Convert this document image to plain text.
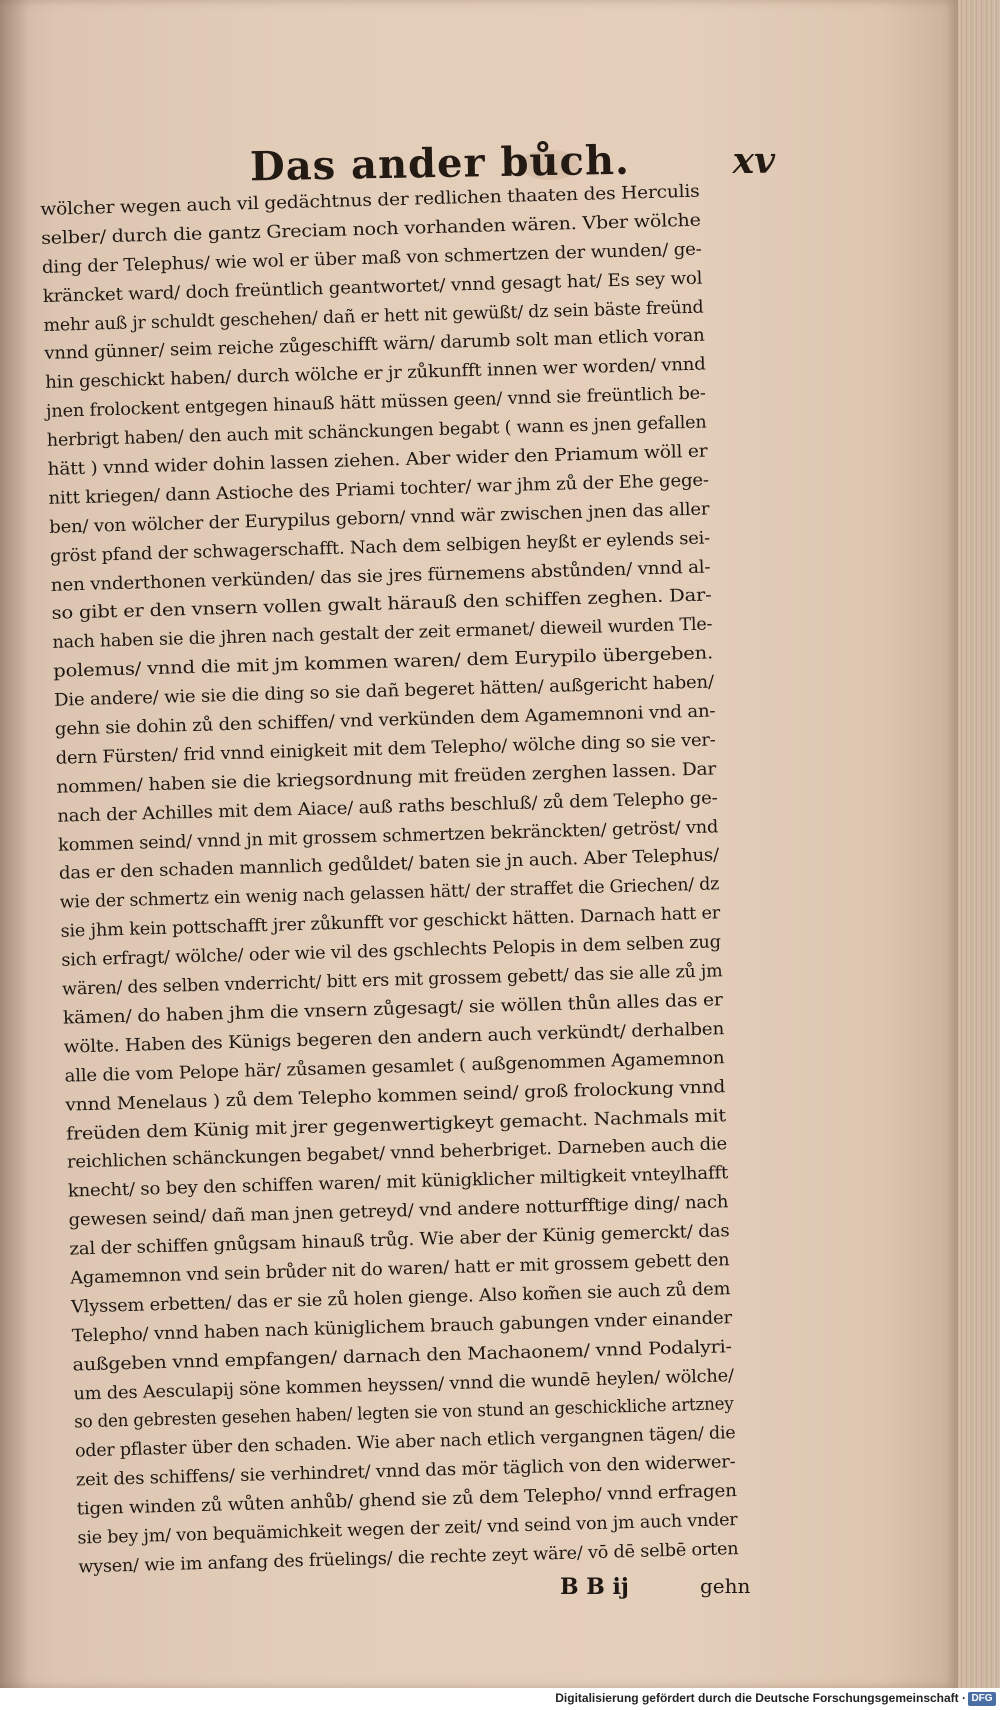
Das ander bůch.	xv
wölcher wegen auch vil gedächtnus der redlichen thaaten des Herculis
selber/ durch die gantz Greciam noch vorhanden wären. Vber wölche
ding der Telephus/ wie wol er über maß von schmertzen der wunden/ ge-
kräncket ward/ doch freüntlich geantwortet/ vnnd gesagt hat/ Es sey wol
mehr auß jr schuldt geschehen/ dañ er hett nit gewüßt/ dz sein bäste freünd
vnnd günner/ seim reiche zůgeschifft wärn/ darumb solt man etlich voran
hin geschickt haben/ durch wölche er jr zůkunfft innen wer worden/ vnnd
jnen frolockent entgegen hinauß hätt müssen geen/ vnnd sie freüntlich be-
herbrigt haben/ den auch mit schänckungen begabt ( wann es jnen gefallen
hätt ) vnnd wider dohin lassen ziehen. Aber wider den Priamum wöll er
nitt kriegen/ dann Astioche des Priami tochter/ war jhm zů der Ehe gege-
ben/ von wölcher der Eurypilus geborn/ vnnd wär zwischen jnen das aller
gröst pfand der schwagerschafft. Nach dem selbigen heyßt er eylends sei-
nen vnderthonen verkünden/ das sie jres fürnemens abstůnden/ vnnd al-
so gibt er den vnsern vollen gwalt härauß den schiffen zeghen. Dar-
nach haben sie die jhren nach gestalt der zeit ermanet/ dieweil wurden Tle-
polemus/ vnnd die mit jm kommen waren/ dem Eurypilo übergeben.
Die andere/ wie sie die ding so sie dañ begeret hätten/ außgericht haben/
gehn sie dohin zů den schiffen/ vnd verkünden dem Agamemnoni vnd an-
dern Fürsten/ frid vnnd einigkeit mit dem Telepho/ wölche ding so sie ver-
nommen/ haben sie die kriegsordnung mit freüden zerghen lassen. Dar
nach der Achilles mit dem Aiace/ auß raths beschluß/ zů dem Telepho ge-
kommen seind/ vnnd jn mit grossem schmertzen bekränckten/ getröst/ vnd
das er den schaden mannlich gedůldet/ baten sie jn auch. Aber Telephus/
wie der schmertz ein wenig nach gelassen hätt/ der straffet die Griechen/ dz
sie jhm kein pottschafft jrer zůkunfft vor geschickt hätten. Darnach hatt er
sich erfragt/ wölche/ oder wie vil des gschlechts Pelopis in dem selben zug
wären/ des selben vnderricht/ bitt ers mit grossem gebett/ das sie alle zů jm
kämen/ do haben jhm die vnsern zůgesagt/ sie wöllen thůn alles das er
wölte. Haben des Künigs begeren den andern auch verkündt/ derhalben
alle die vom Pelope här/ zůsamen gesamlet ( außgenommen Agamemnon
vnnd Menelaus ) zů dem Telepho kommen seind/ groß frolockung vnnd
freüden dem Künig mit jrer gegenwertigkeyt gemacht. Nachmals mit
reichlichen schänckungen begabet/ vnnd beherbriget. Darneben auch die
knecht/ so bey den schiffen waren/ mit künigklicher miltigkeit vnteylhafft
gewesen seind/ dañ man jnen getreyd/ vnd andere notturfftige ding/ nach
zal der schiffen gnůgsam hinauß trůg. Wie aber der Künig gemerckt/ das
Agamemnon vnd sein brůder nit do waren/ hatt er mit grossem gebett den
Vlyssem erbetten/ das er sie zů holen gienge. Also kom̃en sie auch zů dem
Telepho/ vnnd haben nach küniglichem brauch gabungen vnder einander
außgeben vnnd empfangen/ darnach den Machaonem/ vnnd Podalyri-
um des Aesculapij söne kommen heyssen/ vnnd die wundē heylen/ wölche/
so den gebresten gesehen haben/ legten sie von stund an geschickliche artzney
oder pflaster über den schaden. Wie aber nach etlich vergangnen tägen/ die
zeit des schiffens/ sie verhindret/ vnnd das mör täglich von den widerwer-
tigen winden zů wůten anhůb/ ghend sie zů dem Telepho/ vnnd erfragen
sie bey jm/ von bequämichkeit wegen der zeit/ vnd seind von jm auch vnder
wysen/ wie im anfang des früelings/ die rechte zeyt wäre/ vō dē selbē orten
B B ij	gehn
Digitalisierung gefördert durch die Deutsche Forschungsgemeinschaft · DFG
